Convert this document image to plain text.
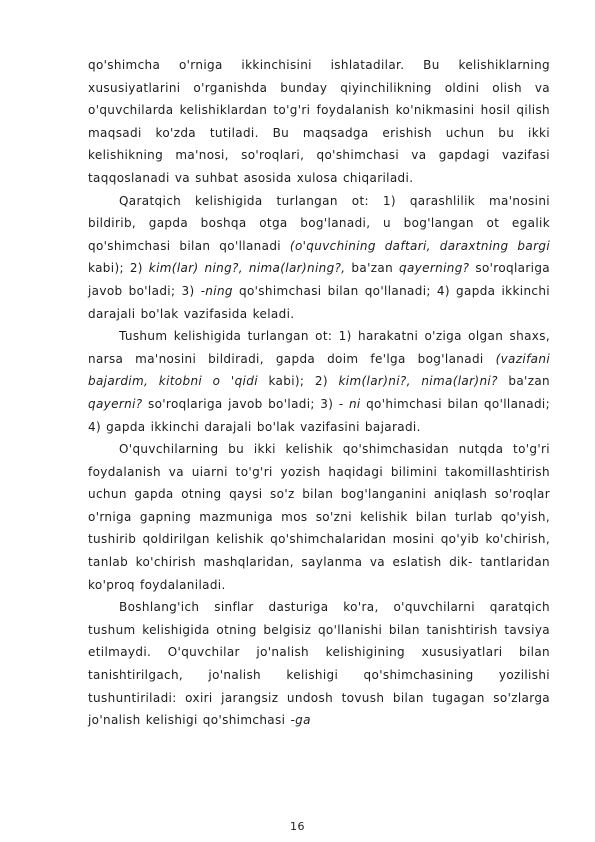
qo'shimcha o'rniga ikkinchisini ishlatadilar. Bu kelishiklarning xususiyatlarini o'rganishda bunday qiyinchilikning oldini olish va o'quvchilarda kelishiklardan to'g'ri foydalanish ko'nikmasini hosil qilish maqsadi ko'zda tutiladi. Bu maqsadga erishish uchun bu ikki kelishikning ma'nosi, so'roqlari, qo'shimchasi va gapdagi vazifasi taqqoslanadi va suhbat asosida xulosa chiqariladi.

Qaratqich kelishigida turlangan ot: 1) qarashlilik ma'nosini bildirib, gapda boshqa otga bog'lanadi, u bog'langan ot egalik qo'shimchasi bilan qo'llanadi (o'quvchining daftari, daraxtning bargi kabi); 2) kim(lar) ning?, nima(lar)ning?, ba'zan qayerning? so'roqlariga javob bo'ladi; 3) -ning qo'shimchasi bilan qo'llanadi; 4) gapda ikkinchi darajali bo'lak vazifasida keladi.

Tushum kelishigida turlangan ot: 1) harakatni o'ziga olgan shaxs, narsa ma'nosini bildiradi, gapda doim fe'lga bog'lanadi (vazifani bajardim, kitobni o 'qidi kabi); 2) kim(lar)ni?, nima(lar)ni? ba'zan qayerni? so'roqlariga javob bo'ladi; 3) - ni qo'himchasi bilan qo'llanadi; 4) gapda ikkinchi darajali bo'lak vazifasini bajaradi.

O'quvchilarning bu ikki kelishik qo'shimchasidan nutqda to'g'ri foydalanish va uiarni to'g'ri yozish haqidagi bilimini takomillashtirish uchun gapda otning qaysi so'z bilan bog'langanini aniqlash so'roqlar o'rniga gapning mazmuniga mos so'zni kelishik bilan turlab qo'yish, tushirib qoldirilgan kelishik qo'shimchalaridan mosini qo'yib ko'chirish, tanlab ko'chirish mashqlaridan, saylanma va eslatish dik- tantlaridan ko'proq foydalaniladi.

Boshlang'ich sinflar dasturiga ko'ra, o'quvchilarni qaratqich tushum kelishigida otning belgisiz qo'llanishi bilan tanishtirish tavsiya etilmaydi. O'quvchilar jo'nalish kelishigining xususiyatlari bilan tanishtirilgach, jo'nalish kelishigi qo'shimchasining yozilishi tushuntiriladi: oxiri jarangsiz undosh tovush bilan tugagan so'zlarga jo'nalish kelishigi qo'shimchasi -ga

16
